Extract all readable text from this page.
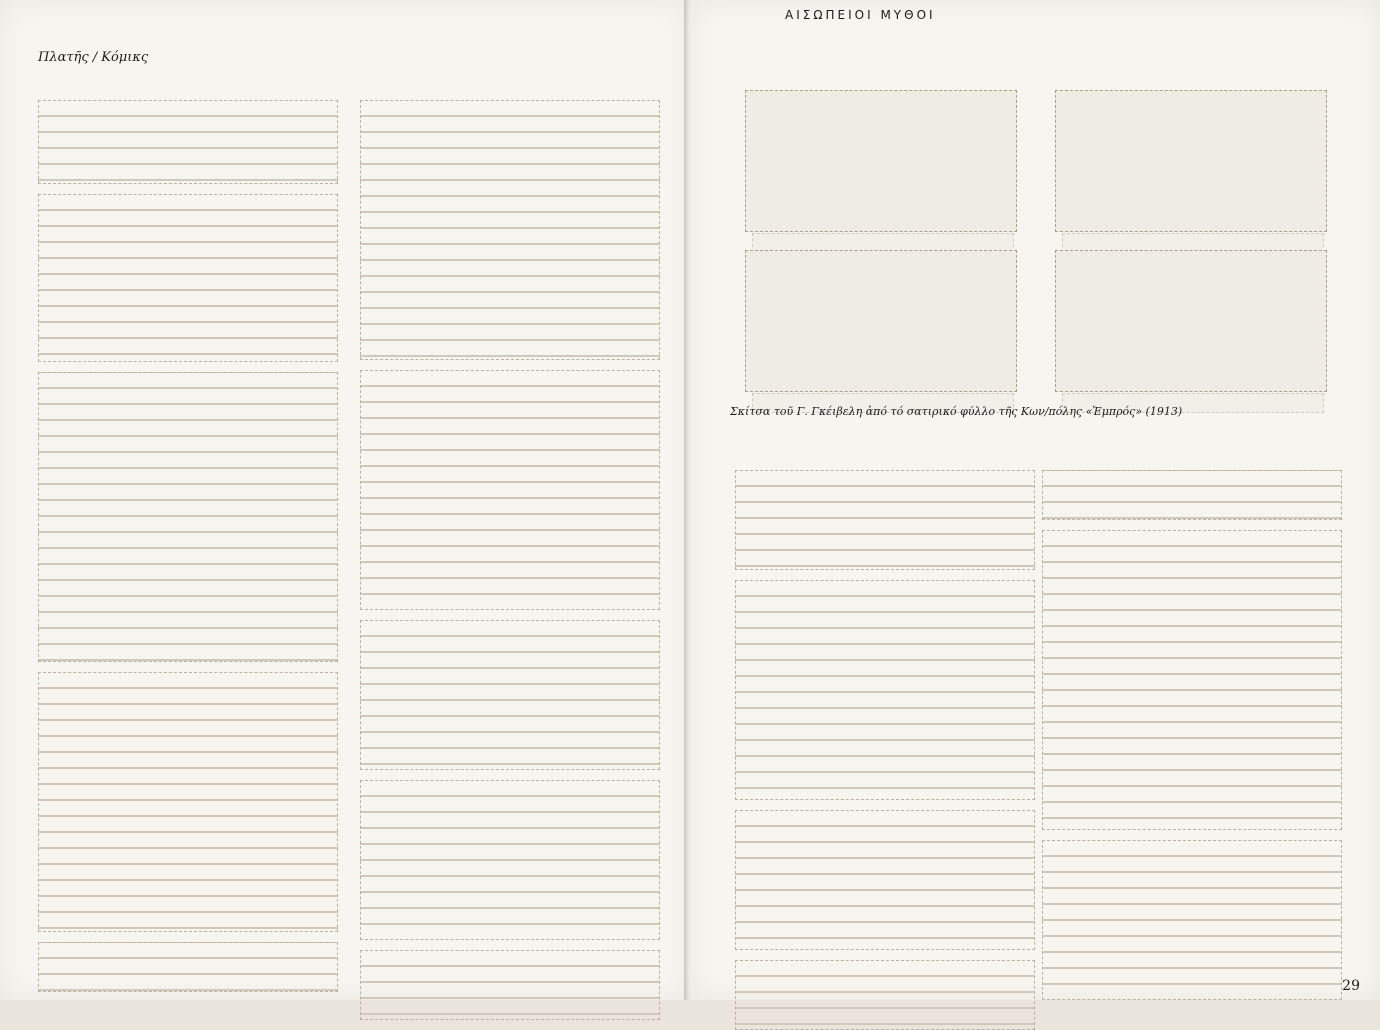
Πλατῆς / Κόμικς
ΑΙΣΩΠΕΙΟΙ ΜΥΘΟΙ
Σκίτσα τοῦ Γ. Γκέιβελη ἀπό τό σατιρικό φύλλο τῆς Κων/πόλης «Ἐμπρός» (1913)
29
